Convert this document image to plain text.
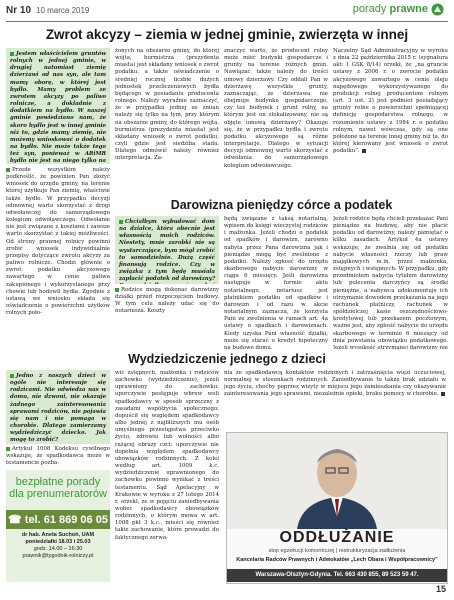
Nr 10 10 marca 2019	porady prawne
Zwrot akcyzy – ziemia w jednej gminie, zwierzęta w innej
Jestem właścicielem gruntów rolnych w jednej gminie, w drugiej natomiast ziemię dzierżawi od nas syn, ale tam mamy oborę, w której jest bydło. Mamy problem ze zwrotem akcyzy po paliwo rolnicze, a dokładnie z dodatkiem na bydło. W naszej gminie powiedziano nam, że skoro bydło jest w innej gminie niż to, gdzie mamy ziemię, nie możemy wnioskować o dodatek na bydło. Nie może także tego też syn, ponieważ w ARiMR bydło nie jest na niego tylko na
Przede wszystkim należy podkreślić, że powinien Pan złożyć wniosek do urzędu gminy, na terenie której użytkuje Pan ziemię, właściwie także bydło. W przypadku decyzji odmownej warto skorzystać z drogi odwoławczej do samorządowego kolegium odwoławczego. Odwołanie nie jest związane z kosztami i zawsze warto skorzystać z takiej możliwości. Od strony prawnej rolnicy powinni zrobić wniosek indywidualnie przepisy dotyczące zwrotu akcyzy za paliwo rolnicze. Chodzi głównie o zwrot podatku akcyzowego zawartego w cenie paliwa zakupionego i wykorzystanego przy chowie lub hodowli bydła. Zgodnie z ustawą we wniosku składa się oświadczenie o powierzchni użytków rolnych poło-
żonych na obszarze gminy, do której wójta, burmistrza (prezydenta miasta) jest składany wniosek o zwrot podatku, a także oświadczenie o średniej rocznej liczbie dużych jednostek przeliczeniowych bydła będącego w posiadaniu producenta rolnego. Należy wyraźnie zaznaczyć, że w przypadku jednej ze zmian należy się tylko na tym, przy którym na obszarze gminy, do którego wójta, burmistrza (prezydenta miasta) jest składany wniosek o zwrot podatku, czyli gdzie jest siedziba stada. Dlatego odmówić należy również interpretacja. Za-
znaczyć warto, że producent rolny może mieć budynki gospodarcze i grunty na terenie różnych gmin. Nawiązać także należy do treści umowy dzierżawy. Czy oddali Pan w dzierżawę wszystkie grunty, zaznaczając, że dzierżawa nie obejmuje budynku gospodarczego, czy też budynek i grunt rolny, na którym jest on zlokalizowany, nie są objęte umową dzierżawy? Okazuje się, że w przypadku bydła i zwrotu podatku akcyzowego są różne interpretacje. Dlatego w sytuacji decyzji odmownej warto skorzystać z odwołania do samorządowego kolegium odwoławczego.
Naczelny Sąd Administracyjny w wyroku z dnia 22 października 2015 r. (sygnatura akt: I GSK 8/14) orzekł, że „na gruncie ustawy z 2006 r. o zwrocie podatku akcyzowego zawartego w cenie oleju napędowego wykorzystywanego do produkcji rolnej producentom rolnym (art. 3 ust. 2) jest podmiot posiadający grunty rolne o powierzchni spełniającej definicję gospodarstwa rolnego, w rozumieniu ustawy z 1984 r. o podatku rolnym, nawet wówczas, gdy są one położone na terenie innej gminy niż ta, do której kierowany jest wniosek o zwrot podatku”.
Darowizna pieniędzy córce a podatek
Chciałbym wybudować dom na działce, która obecnie jest własnością moich rodziców. Niestety, mnie zarobki nie są wystarczające, bym mógł zrobić to samodzielnie. Dużą część finansują rodzice. Czy w związku z tym będę musiała zapłacić podatek od darowizny?
Rodzice mogą dokonać darowizny działki przed rozpoczęciem budowy. W tym celu należy udać się do notariusza. Koszty
będą związane z taksą notarialną, wpisem do księgi wieczystej rodziców i małżonka. Jeżeli chodzi o podatek od spadków i darowizn, zarówno nabyta przez Pana darowizna jak i pieniądze mogą być zwolnione z podatku. Należy zgłosić do urzędu skarbowego nabycie darowizny w ciągu 6 miesięcy. Jeśli darowizna następuje w formie aktu notarialnego, notariusz jest płatnikiem podatku od spadków i darowizn i od razu w akcie notarialnym zaznacza, że korzysta Pani ze zwolnienia w ramach art. 4a ustawy o spadkach i darowiznach. Kiedy uzyska Pani własność działki, może się starać o kredyt hipoteczny na budowę domu.
Jeżeli rodzice będą chcieli przekazać Pani pieniądze na budowę, aby nie płacić podatku od darowizny, należy pamiętać o kilku zasadach. Artykuł 4a ustawy wskazuje, że zwalnia się od podatku nabycie własności rzeczy lub praw majątkowych m.in. przez małżonka, zstępnych i wstępnych. W przypadku, gdy przedmiotem nabycia tytułem darowizny lub polecenia darczyńcy są środki pieniężne, a nabywca udokumentuje ich otrzymanie dowodem przekazania na jego rachunek płatniczy, rachunek w spółdzielczej kasie oszczędnościowo-kredytowej lub przekazem pocztowym, ważne jest, aby zgłosić nabycie do urzędu skarbowego w terminie 6 miesięcy od dnia powstania obowiązku podatkowego. Jeżeli wysokość otrzymanej darowizny nie
Wydziedziczenie jednego z dzieci
Jedno z naszych dzieci w ogóle nie interesuje się rodzicami. Nie odwiedza nas w domu, nie dzwoni, nie okazuje żadnego zainteresowania sprawami rodziców, nie pojawia się nam i nie pomaga w chorobie. Dlatego zamierzamy wydziedziczyć dziecko. Jak mogę to zrobić?
Artykuł 1008 Kodeksu cywilnego wskazuje, że spadkodawca może w testamencie pozba-
wić zstępnych, małżonka i rodziców zachowku (wydziedziczenie), jeżeli uprawniony do zachowku: uporczywie postępuje wbrew woli spadkodawcy w sposób sprzeczny z zasadami współżycia społecznego; dopuścił się względem spadkodawcy albo jednej z najbliższych mu osób umyślnego przestępstwa przeciwko życiu, zdrowiu lub wolności albo rażącej obrazy czci; uporczywie nie dopełnia względem spadkodawcy obowiązków rodzinnych. Z kolei według art. 1009 k.c. wydziedziczenie uprawnionego do zachowku powinno wynikać z treści testamentu. Sąd Apelacyjny w Krakowie w wyroku z 27 lutego 2014 r. orzekł, że w pojęciu zaniedbywania wobec spadkodawcy obowiązków rodzinnych, o którym mowa w art. 1008 pkt 3 k.c., mieści się również takie zachowanie, które prowadzi do faktycznego zerwa-
nia ze spadkodawcą kontaktów rodzinnych i zatrzaśnięcia więzi uczuciowej, normalnej w stosunkach rodzinnych. Zaniedbywanie to także brak udziału w jego życiu, choćby poprzez wizyty w miejscu jego zamieszkania czy okazywanie zainteresowania jego sprawami, niezależnie opieki, braku pomocy w chorobie.
bezpłatne porady
dla prenumeratorów
☎ tel. 61 869 06 05
dr hab. Aneta Suchoń, UAM
poniedziałki 18.03 i 25.03
godz. 14.00 – 16:30
prawnik@tygodnik-rolniczy.pl
ODDŁUŻANIE
stop egzekucji komorniczej | restrukturyzacja zadłużenia
Kancelaria Radców Prawnych i Adwokatów „Lech Obara i Współpracownicy”
Warszawa-Olsztyn-Gdynia. Tel. 663 430 855, 89 523 59 47.
15
